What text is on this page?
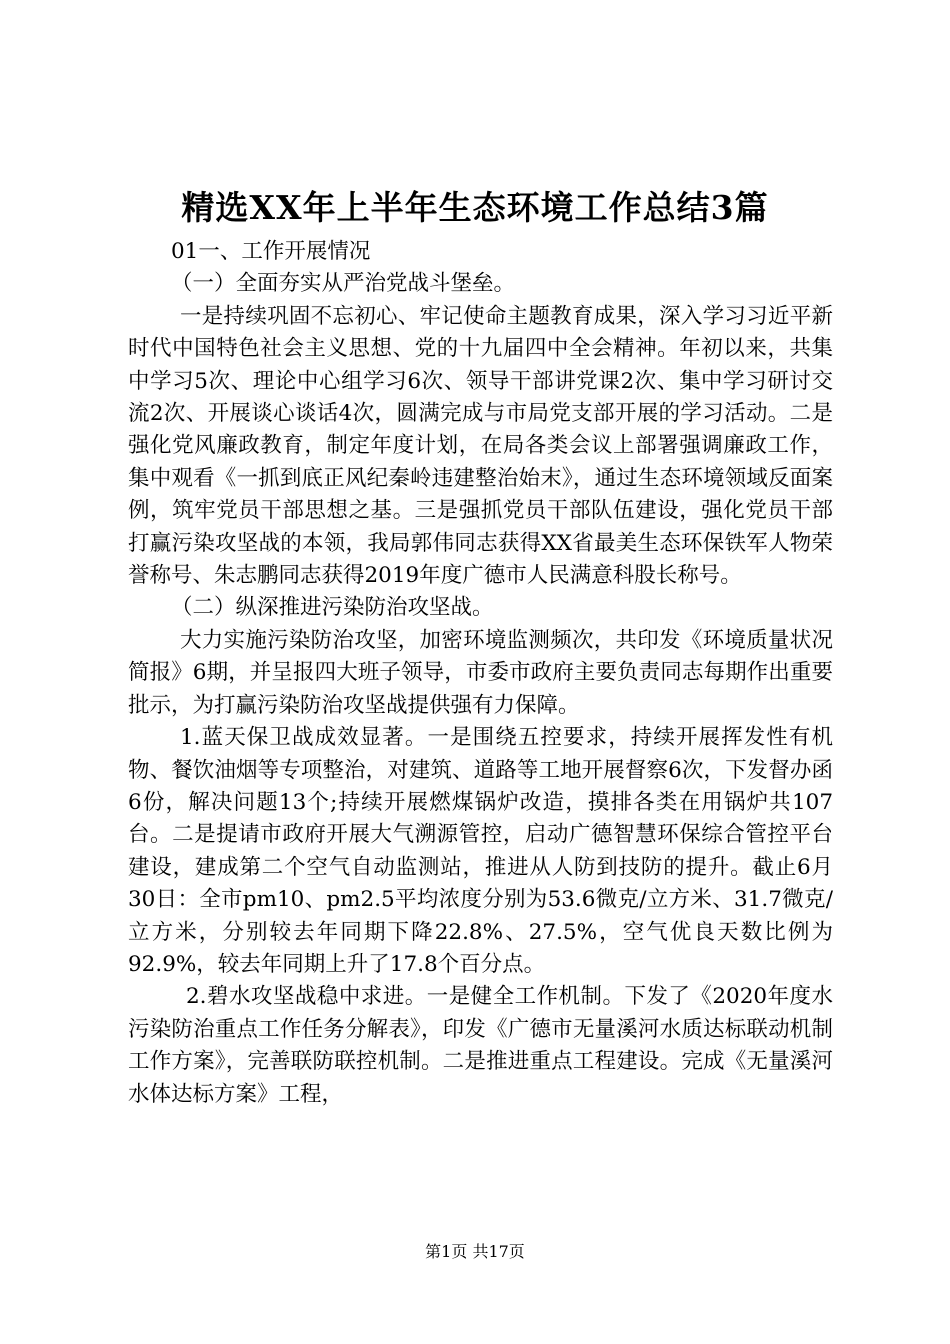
精选XX年上半年生态环境工作总结3篇

01一、工作开展情况

（一）全面夯实从严治党战斗堡垒。

一是持续巩固不忘初心、牢记使命主题教育成果，深入学习习近平新时代中国特色社会主义思想、党的十九届四中全会精神。年初以来，共集中学习5次、理论中心组学习6次、领导干部讲党课2次、集中学习研讨交流2次、开展谈心谈话4次，圆满完成与市局党支部开展的学习活动。二是强化党风廉政教育，制定年度计划，在局各类会议上部署强调廉政工作，集中观看《一抓到底正风纪秦岭违建整治始末》，通过生态环境领域反面案例，筑牢党员干部思想之基。三是强抓党员干部队伍建设，强化党员干部打赢污染攻坚战的本领，我局郭伟同志获得XX省最美生态环保铁军人物荣誉称号、朱志鹏同志获得2019年度广德市人民满意科股长称号。

（二）纵深推进污染防治攻坚战。

大力实施污染防治攻坚，加密环境监测频次，共印发《环境质量状况简报》6期，并呈报四大班子领导，市委市政府主要负责同志每期作出重要批示，为打赢污染防治攻坚战提供强有力保障。

1.蓝天保卫战成效显著。一是围绕五控要求，持续开展挥发性有机物、餐饮油烟等专项整治，对建筑、道路等工地开展督察6次，下发督办函6份，解决问题13个;持续开展燃煤锅炉改造，摸排各类在用锅炉共107台。二是提请市政府开展大气溯源管控，启动广德智慧环保综合管控平台建设，建成第二个空气自动监测站，推进从人防到技防的提升。截止6月30日：全市pm10、pm2.5平均浓度分别为53.6微克/立方米、31.7微克/立方米，分别较去年同期下降22.8%、27.5%，空气优良天数比例为92.9%，较去年同期上升了17.8个百分点。

2.碧水攻坚战稳中求进。一是健全工作机制。下发了《2020年度水污染防治重点工作任务分解表》，印发《广德市无量溪河水质达标联动机制工作方案》，完善联防联控机制。二是推进重点工程建设。完成《无量溪河水体达标方案》工程，

第1页 共17页
